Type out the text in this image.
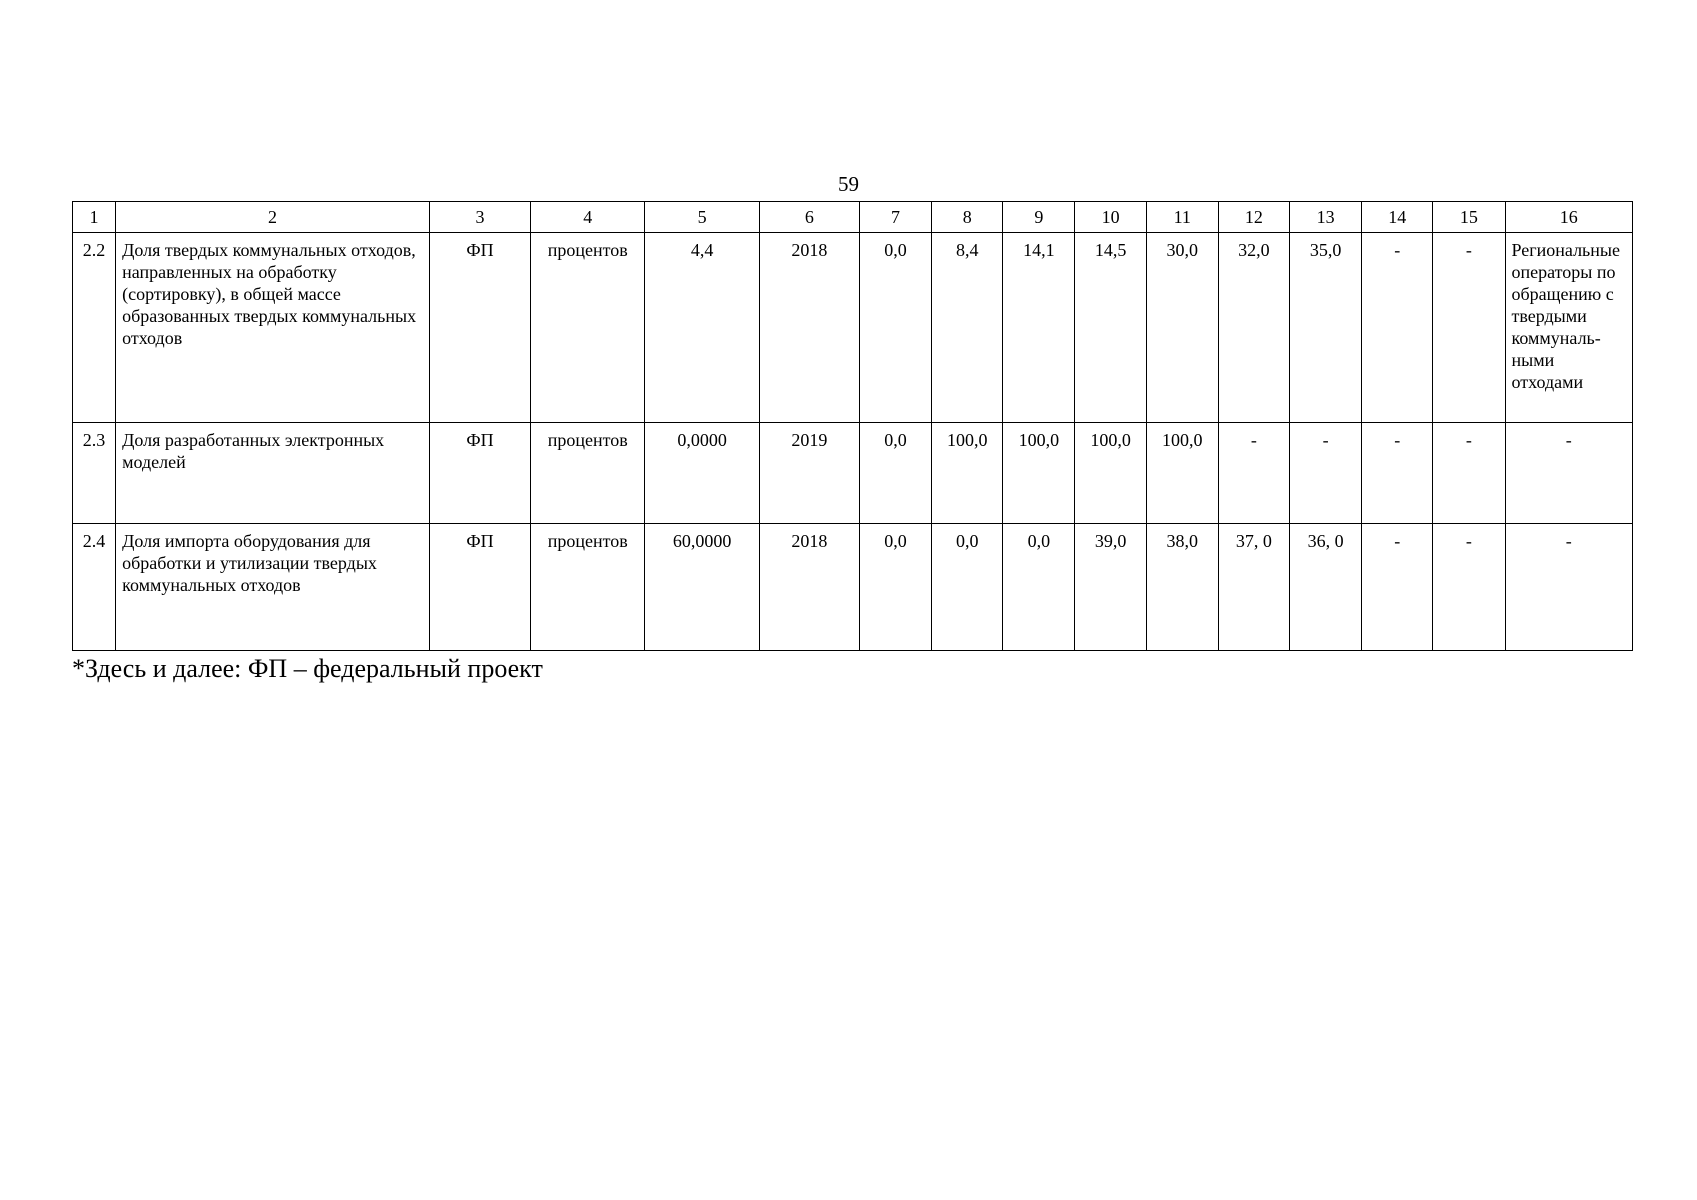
59
1	2	3	4	5	6	7	8	9	10	11	12	13	14	15	16
2.2	Доля твердых коммунальных отходов, направленных на обработку (сортировку), в общей массе образованных твердых коммунальных отходов	ФП	процентов	4,4	2018	0,0	8,4	14,1	14,5	30,0	32,0	35,0	-	-	Региональные операторы по обращению с твердыми коммуналь-ными отходами
2.3	Доля разработанных электронных моделей	ФП	процентов	0,0000	2019	0,0	100,0	100,0	100,0	100,0	-	-	-	-	-
2.4	Доля импорта оборудования для обработки и утилизации твердых коммунальных отходов	ФП	процентов	60,0000	2018	0,0	0,0	0,0	39,0	38,0	37, 0	36, 0	-	-	-
*Здесь и далее: ФП – федеральный проект
